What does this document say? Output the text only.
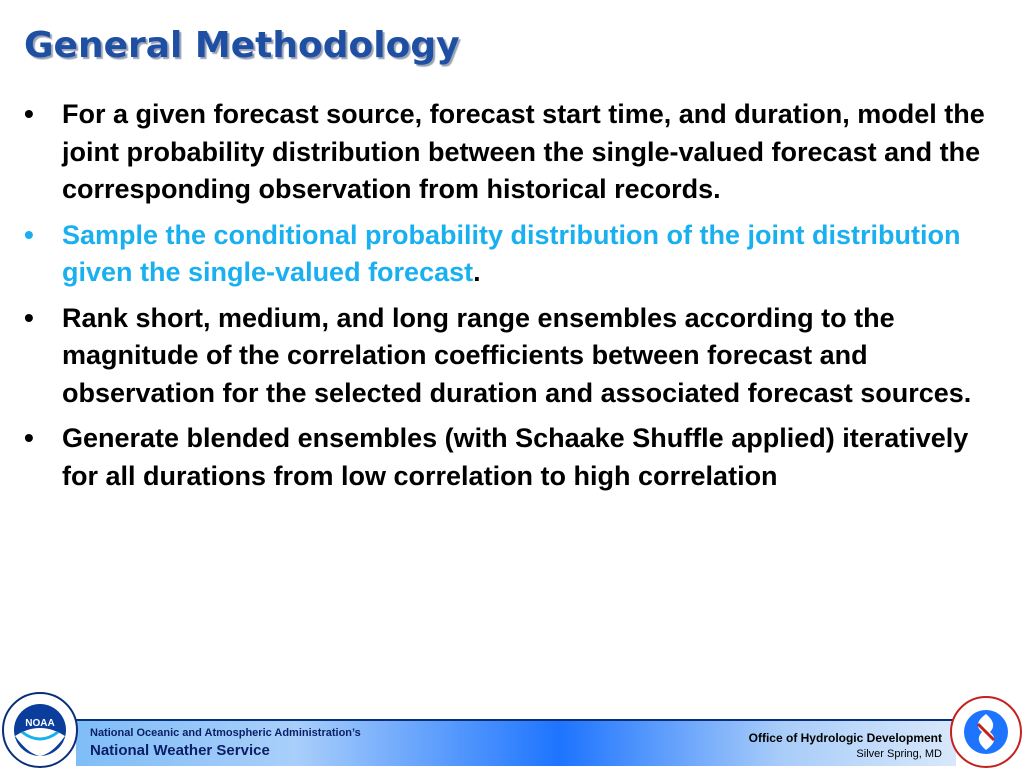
General Methodology
• For a given forecast source, forecast start time, and duration, model the joint probability distribution between the single-valued forecast and the corresponding observation from historical records.
• Sample the conditional probability distribution of the joint distribution given the single-valued forecast.
• Rank short, medium, and long range ensembles according to the magnitude of the correlation coefficients between forecast and observation for the selected duration and associated forecast sources.
• Generate blended ensembles (with Schaake Shuffle applied) iteratively for all durations from low correlation to high correlation
NOAA
National Oceanic and Atmospheric Administration’s
National Weather Service
Office of Hydrologic Development
Silver Spring, MD
